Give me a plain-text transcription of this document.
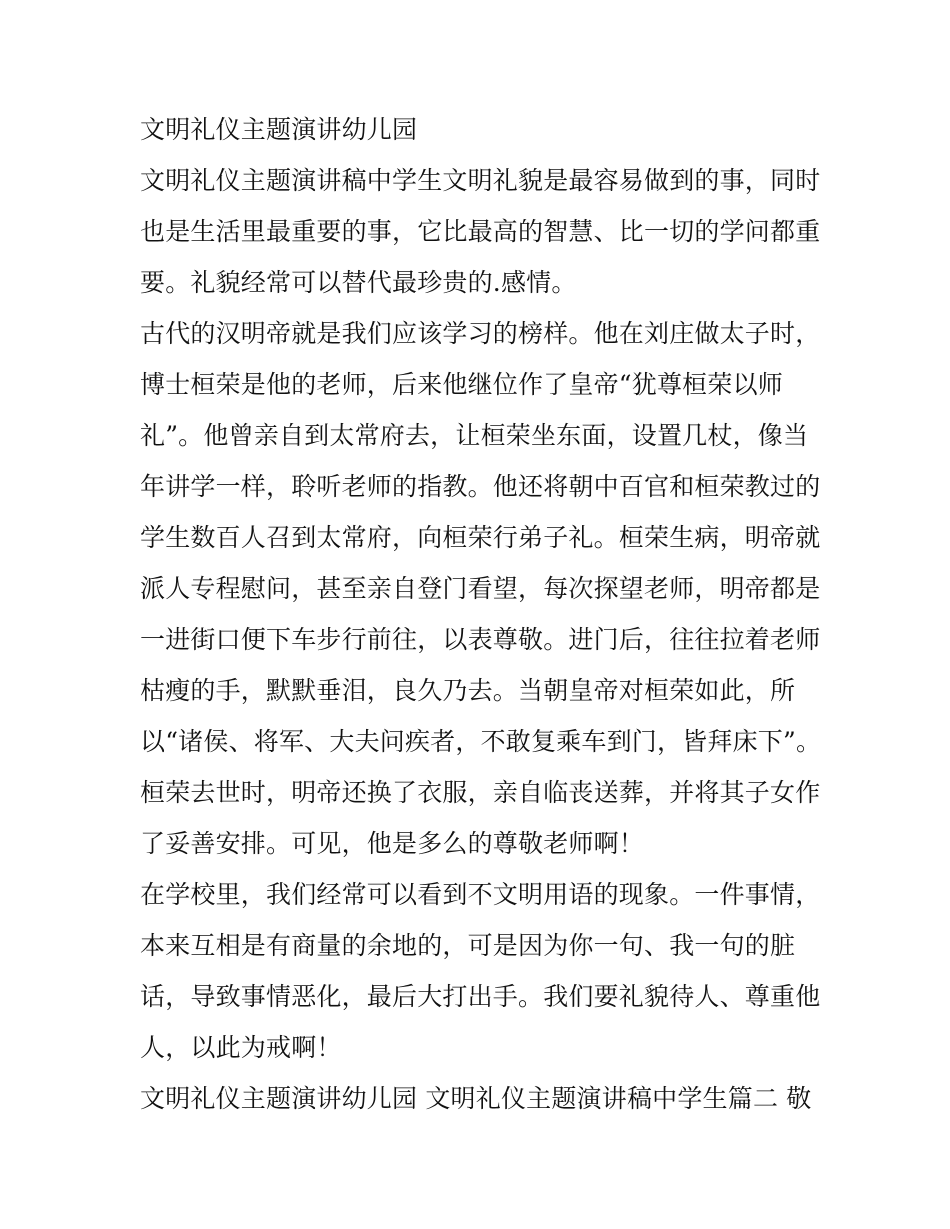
文明礼仪主题演讲幼儿园
文明礼仪主题演讲稿中学生文明礼貌是最容易做到的事，同时
也是生活里最重要的事，它比最高的智慧、比一切的学问都重
要。礼貌经常可以替代最珍贵的.感情。
古代的汉明帝就是我们应该学习的榜样。他在刘庄做太子时，
博士桓荣是他的老师，后来他继位作了皇帝“犹尊桓荣以师
礼”。他曾亲自到太常府去，让桓荣坐东面，设置几杖，像当
年讲学一样，聆听老师的指教。他还将朝中百官和桓荣教过的
学生数百人召到太常府，向桓荣行弟子礼。桓荣生病，明帝就
派人专程慰问，甚至亲自登门看望，每次探望老师，明帝都是
一进街口便下车步行前往，以表尊敬。进门后，往往拉着老师
枯瘦的手，默默垂泪，良久乃去。当朝皇帝对桓荣如此，所
以“诸侯、将军、大夫问疾者，不敢复乘车到门，皆拜床下”。
桓荣去世时，明帝还换了衣服，亲自临丧送葬，并将其子女作
了妥善安排。可见，他是多么的尊敬老师啊！
在学校里，我们经常可以看到不文明用语的现象。一件事情，
本来互相是有商量的余地的，可是因为你一句、我一句的脏
话，导致事情恶化，最后大打出手。我们要礼貌待人、尊重他
人，以此为戒啊！
文明礼仪主题演讲幼儿园 文明礼仪主题演讲稿中学生篇二 敬
